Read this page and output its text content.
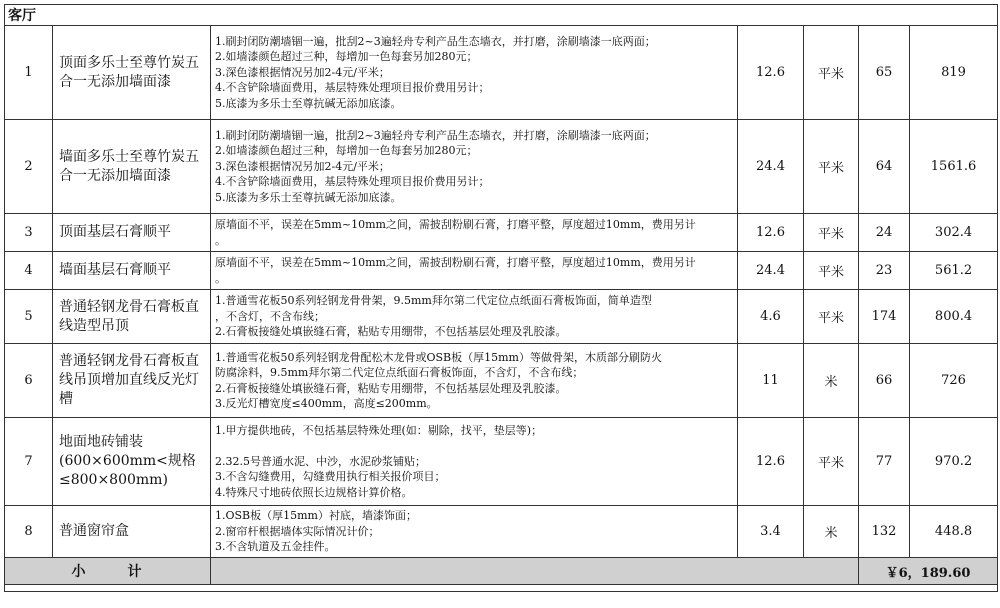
客厅						
1	顶面多乐士至尊竹炭五合一无添加墙面漆	1.刷封闭防潮墙锢一遍，批刮2~3遍轻舟专利产品生态墙衣，并打磨，涂刷墙漆一底两面；
2.如墙漆颜色超过三种，每增加一色每套另加280元；
3.深色漆根据情况另加2-4元/平米；
4.不含铲除墙面费用，基层特殊处理项目报价费用另计；
5.底漆为多乐士至尊抗碱无添加底漆。	12.6	平米	65	819
2	墙面多乐士至尊竹炭五合一无添加墙面漆	1.刷封闭防潮墙锢一遍，批刮2~3遍轻舟专利产品生态墙衣，并打磨，涂刷墙漆一底两面；
2.如墙漆颜色超过三种，每增加一色每套另加280元；
3.深色漆根据情况另加2-4元/平米；
4.不含铲除墙面费用，基层特殊处理项目报价费用另计；
5.底漆为多乐士至尊抗碱无添加底漆。	24.4	平米	64	1561.6
3	顶面基层石膏顺平	原墙面不平，误差在5mm~10mm之间，需披刮粉刷石膏，打磨平整，厚度超过10mm，费用另计
。	12.6	平米	24	302.4
4	墙面基层石膏顺平	原墙面不平，误差在5mm~10mm之间，需披刮粉刷石膏，打磨平整，厚度超过10mm，费用另计
。	24.4	平米	23	561.2
5	普通轻钢龙骨石膏板直线造型吊顶	1.普通雪花板50系列轻钢龙骨骨架，9.5mm拜尔第二代定位点纸面石膏板饰面，简单造型
，不含灯，不含布线；
2.石膏板接缝处填嵌缝石膏，粘贴专用绷带，不包括基层处理及乳胶漆。	4.6	平米	174	800.4
6	普通轻钢龙骨石膏板直线吊顶增加直线反光灯槽	1.普通雪花板50系列轻钢龙骨配松木龙骨或OSB板（厚15mm）等做骨架，木质部分刷防火
防腐涂料，9.5mm拜尔第二代定位点纸面石膏板饰面，不含灯，不含布线；
2.石膏板接缝处填嵌缝石膏，粘贴专用绷带，不包括基层处理及乳胶漆。
3.反光灯槽宽度≤400mm，高度≤200mm。	11	米	66	726
7	地面地砖铺装(600×600mm<规格≤800×800mm)	1.甲方提供地砖，不包括基层特殊处理(如：剔除，找平，垫层等)；

2.32.5号普通水泥、中沙，水泥砂浆铺贴；
3.不含勾缝费用，勾缝费用执行相关报价项目；
4.特殊尺寸地砖依照长边规格计算价格。	12.6	平米	77	970.2
8	普通窗帘盒	1.OSB板（厚15mm）衬底，墙漆饰面；
2.窗帘杆根据墙体实际情况计价；
3.不含轨道及五金挂件。	3.4	米	132	448.8
小 计					￥6，189.60	
